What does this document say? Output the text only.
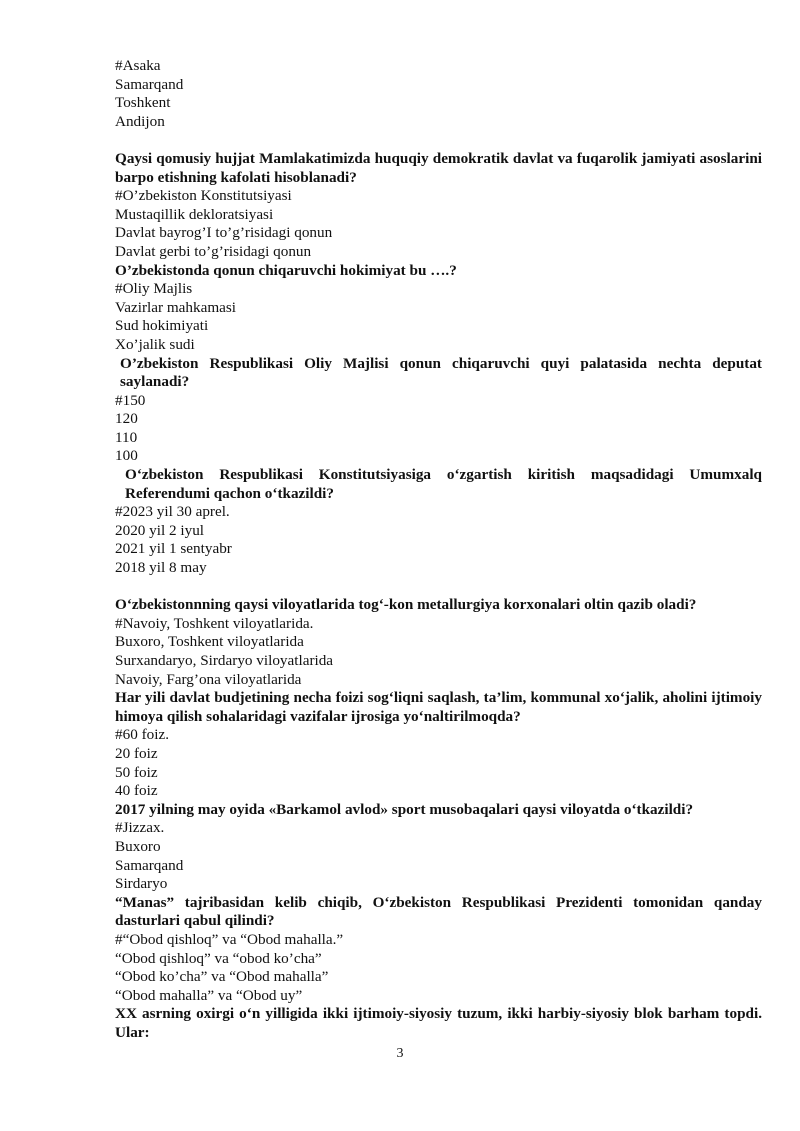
#Asaka
Samarqand
Toshkent
Andijon
Qaysi qomusiy hujjat Mamlakatimizda huquqiy demokratik davlat va fuqarolik jamiyati asoslarini barpo etishning kafolati hisoblanadi?
#O’zbekiston Konstitutsiyasi
Mustaqillik dekloratsiyasi
Davlat bayrog’I to’g’risidagi qonun
Davlat gerbi to’g’risidagi qonun
O’zbekistonda qonun chiqaruvchi hokimiyat bu ….?
#Oliy Majlis
Vazirlar mahkamasi
Sud hokimiyati
Xo’jalik sudi
O’zbekiston Respublikasi Oliy Majlisi qonun chiqaruvchi quyi palatasida nechta deputat saylanadi?
#150
120
110
100
O‘zbekiston Respublikasi Konstitutsiyasiga o‘zgartish kiritish maqsadidagi Umumxalq Referendumi qachon o‘tkazildi?
#2023 yil 30 aprel.
2020 yil 2 iyul
2021 yil 1 sentyabr
2018 yil 8 may
O‘zbekistonnning qaysi viloyatlarida tog‘-kon metallurgiya korxonalari oltin qazib oladi?
#Navoiy, Toshkent viloyatlarida.
Buxoro, Toshkent viloyatlarida
Surxandaryo, Sirdaryo viloyatlarida
Navoiy, Farg’ona viloyatlarida
Har yili davlat budjetining necha foizi sog‘liqni saqlash, ta’lim, kommunal xo‘jalik, aholini ijtimoiy himoya qilish sohalaridagi vazifalar ijrosiga yo‘naltirilmoqda?
#60 foiz.
20 foiz
50 foiz
40 foiz
2017 yilning may oyida «Barkamol avlod» sport musobaqalari qaysi viloyatda o‘tkazildi?
#Jizzax.
Buxoro
Samarqand
Sirdaryo
“Manas” tajribasidan kelib chiqib, O‘zbekiston Respublikasi Prezidenti tomonidan qanday dasturlari qabul qilindi?
#“Obod qishloq” va “Obod mahalla.”
“Obod qishloq” va “obod ko’cha”
“Obod ko’cha” va “Obod mahalla”
“Obod mahalla” va “Obod uy”
XX asrning oxirgi o‘n yilligida ikki ijtimoiy-siyosiy tuzum, ikki harbiy-siyosiy blok barham topdi. Ular:
3
